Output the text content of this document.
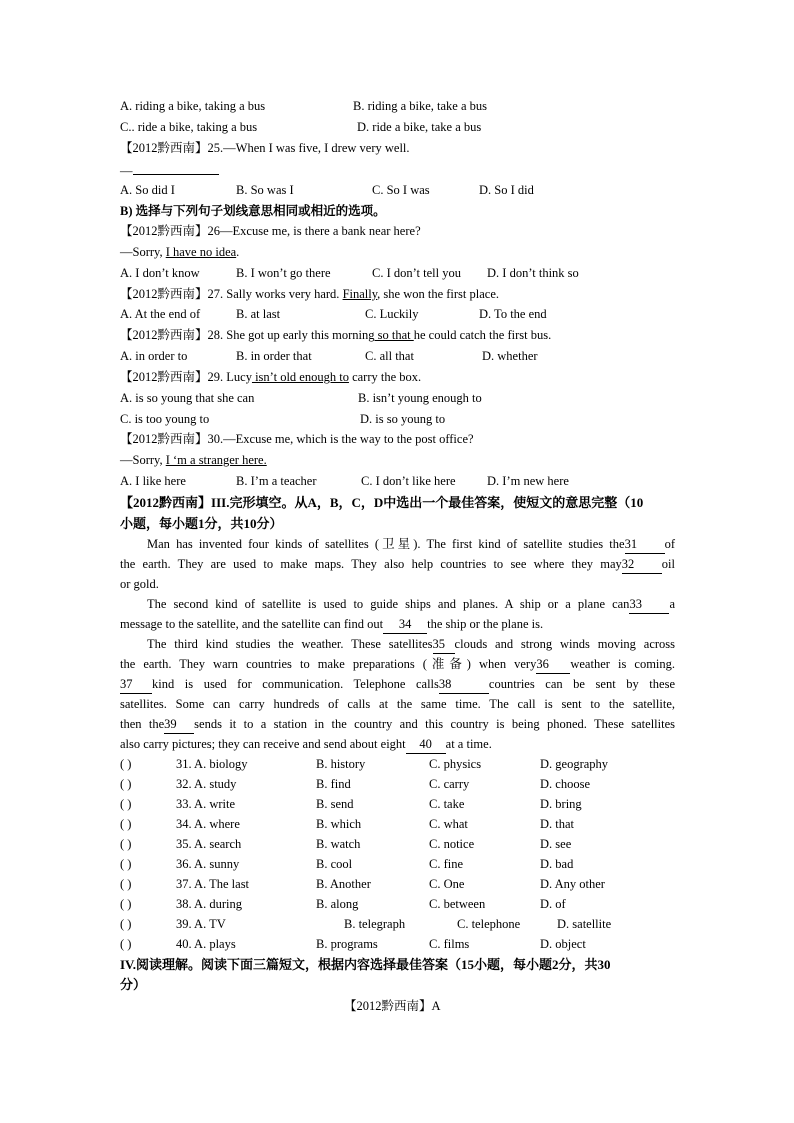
A. riding a bike, taking a bus	B. riding a bike, take a bus
C.. ride a bike, taking a bus	D. ride a bike, take a bus
【2012黔西南】25.—When I was five, I drew very well.
—
A. So did I	B. So was I	C. So I was	D. So I did
B) 选择与下列句子划线意思相同或相近的选项。
【2012黔西南】26—Excuse me, is there a bank near here?
—Sorry, I have no idea.
A. I don’t know	B. I won’t go there	C. I don’t tell you D. I don’t think so
【2012黔西南】27. Sally works very hard. Finally, she won the first place.
A. At the end of	B. at last	C. Luckily	D. To the end
【2012黔西南】28. She got up early this morning so that he could catch the first bus.
A. in order to	B. in order that	C. all that	D. whether
【2012黔西南】29. Lucy isn’t old enough to carry the box.
A. is so young that she can	B. isn’t young enough to
C. is too young to	D. is so young to
【2012黔西南】30.—Excuse me, which is the way to the post office?
—Sorry, I ‘m a stranger here.
A. I like here	B. I’m a teacher	C. I don’t like here	D. I’m new here
【2012黔西南】III.完形填空。从A，B，C，D中选出一个最佳答案，使短文的意思完整（10
小题，每小题1分，共10分）
Man has invented four kinds of satellites (卫星). The first kind of satellite studies the31 of
the earth. They are used to make maps. They also help countries to see where they may32 oil
or gold.
The second kind of satellite is used to guide ships and planes. A ship or a plane can33 a
message to the satellite, and the satellite can find out 34 the ship or the plane is.
The third kind studies the weather. These satellites35 clouds and strong winds moving across
the earth. They warn countries to make preparations (准备) when very36 weather is coming.
37 kind is used for communication. Telephone calls38	countries can be sent by these
satellites. Some can carry hundreds of calls at the same time. The call is sent to the satellite,
then the39 sends it to a station in the country and this country is being phoned. These satellites
also carry pictures; they can receive and send about eight 40 at a time.
( )	31. A. biology	B. history	C. physics	D. geography
( )	32. A. study	B. find	C. carry	D. choose
( )	33. A. write	B. send	C. take	D. bring
( )	34. A. where	B. which	C. what	D. that
( )	35. A. search	B. watch	C. notice	D. see
( )	36. A. sunny	B. cool	C. fine	D. bad
( )	37. A. The last	B. Another	C. One	D. Any other
( )	38. A. during	B. along	C. between	D. of
( )	39. A. TV	B. telegraph	C. telephone	D. satellite
( )	40. A. plays	B. programs	C. films	D. object
IV.阅读理解。阅读下面三篇短文，根据内容选择最佳答案（15小题，每小题2分，共30
分）
【2012黔西南】A
